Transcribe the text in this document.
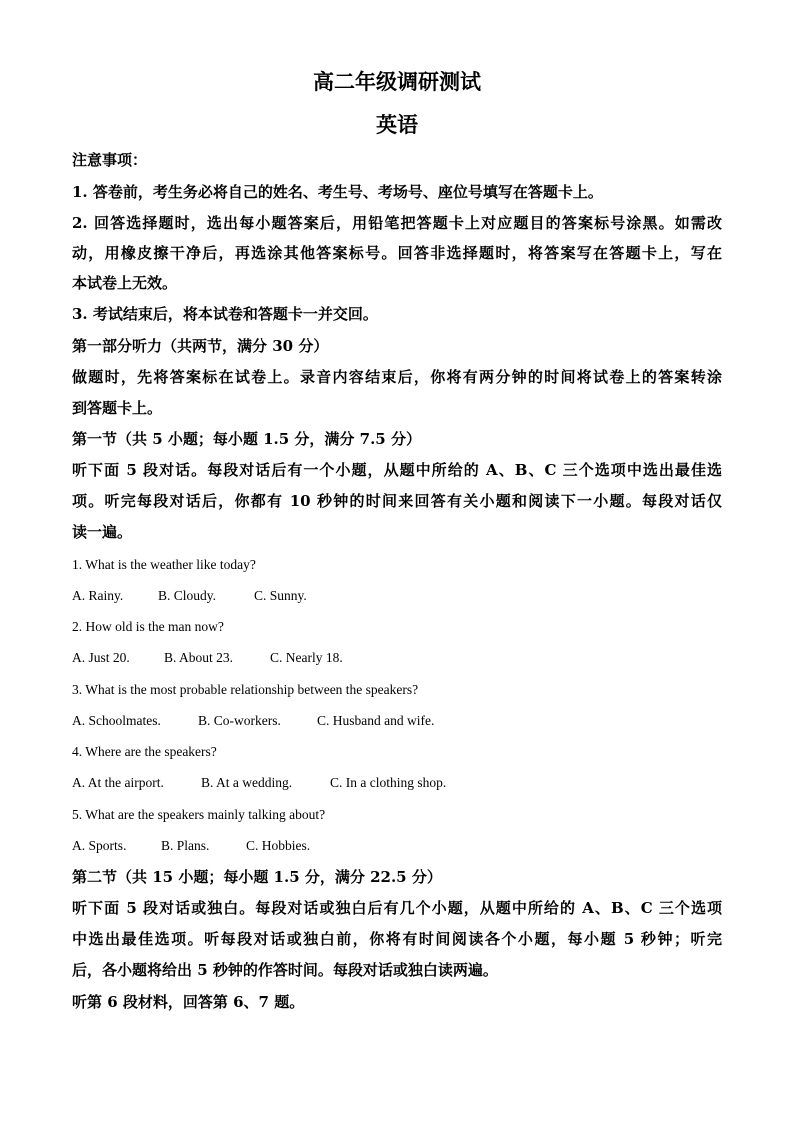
高二年级调研测试
英语
注意事项：
1. 答卷前，考生务必将自己的姓名、考生号、考场号、座位号填写在答题卡上。
2. 回答选择题时，选出每小题答案后，用铅笔把答题卡上对应题目的答案标号涂黑。如需改
动，用橡皮擦干净后，再选涂其他答案标号。回答非选择题时，将答案写在答题卡上，写在
本试卷上无效。
3. 考试结束后，将本试卷和答题卡一并交回。
第一部分听力（共两节，满分 30 分）
做题时，先将答案标在试卷上。录音内容结束后，你将有两分钟的时间将试卷上的答案转涂
到答题卡上。
第一节（共 5 小题；每小题 1.5 分，满分 7.5 分）
听下面 5 段对话。每段对话后有一个小题，从题中所给的 A、B、C 三个选项中选出最佳选
项。听完每段对话后，你都有 10 秒钟的时间来回答有关小题和阅读下一小题。每段对话仅
读一遍。
1. What is the weather like today?
A. Rainy.	B. Cloudy.	C. Sunny.
2. How old is the man now?
A. Just 20.	B. About 23.	C. Nearly 18.
3. What is the most probable relationship between the speakers?
A. Schoolmates.	B. Co-workers.	C. Husband and wife.
4. Where are the speakers?
A. At the airport.	B. At a wedding.	C. In a clothing shop.
5. What are the speakers mainly talking about?
A. Sports.	B. Plans.	C. Hobbies.
第二节（共 15 小题；每小题 1.5 分，满分 22.5 分）
听下面 5 段对话或独白。每段对话或独白后有几个小题，从题中所给的 A、B、C 三个选项
中选出最佳选项。听每段对话或独白前，你将有时间阅读各个小题，每小题 5 秒钟；听完
后，各小题将给出 5 秒钟的作答时间。每段对话或独白读两遍。
听第 6 段材料，回答第 6、7 题。
